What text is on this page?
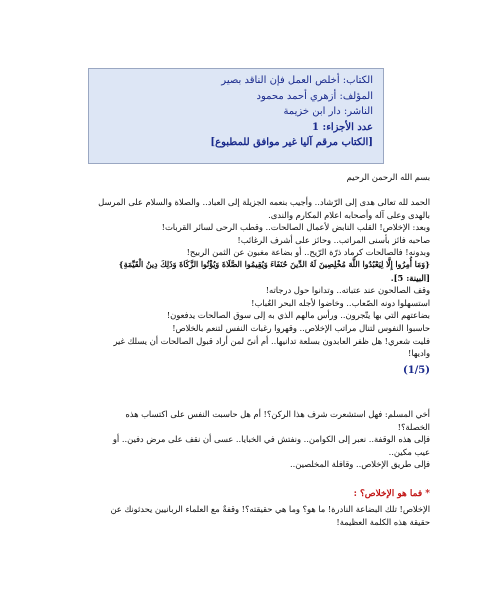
الكتاب: أخلص العمل فإن الناقد بصير
المؤلف: أزهري أحمد محمود
الناشر: دار ابن خزيمة
عدد الأجزاء: 1
[الكتاب مرقم آليا غير موافق للمطبوع]

بسم الله الرحمن الرحيم

الحمد لله تعالى هدى إلى الرّشاد.. وأجيب بنعمه الجزيلة إلى العباد.. والصلاة والسلام على المرسل

بالهدى وعلى آله وأصحابه اعلام المكارم والندى.

وبعد: الإخلاص! القلب النابض لأعمال الصالحات.. وقطب الرحى لسائر القربات!

صاحبه فائز بأسنى المراتب.. وحائز على أشرف الرغائب!

وبدونه! فالصالحات كرماد ذرّة الرّيح.. أو بضاعة مغبون عن الثمن الربيح!

{وَمَا أُمِرُوا إِلَّا لِيَعْبُدُوا اللَّهَ مُخْلِصِينَ لَهُ الدِّينَ حُنَفَاءَ وَيُقِيمُوا الصَّلَاةَ وَيُؤْتُوا الزَّكَاةَ وَذَلِكَ دِينُ الْقَيِّمَةِ}

[البينة: 5].

وقف الصالحون عند عتباته.. وتدانوا حول درجاته!

استسهلوا دونه الصّعاب.. وخاضوا لأجله البحر العُباب!

بضاعتهم التي بها يتّجرون.. ورأس مالهم الذي به إلى سوق الصالحات يدفعون!

حاسبوا النفوس لتنال مراتب الإخلاص.. وقهروا رغبات النفس لتنعم بالخلاص!

فليت شعري! هل ظفر العابدون بسلعة تدانيها.. أم أنىّ لمن أراد قبول الصالحات أن يسلك غير

واديها!

(1/5)

أخي المسلم: فهل استشعرت شرف هذا الركن؟! أم هل حاسبت النفس على اكتساب هذه

الخصلة؟!

فإلى هذه الوقفة.. نعبر إلى الكوامن.. ونفتش في الخبايا.. عسى أن نقف على مرض دفين.. أو

عيب مكين..

فإلى طريق الإخلاص.. وقافلة المخلصين..

* فما هو الإخلاص؟ :

الإخلاص! تلك البضاعة النادرة! ما هو؟ وما هي حقيقته؟! وقفةٌ مع العلماء الربانيين يحدثونك عن

حقيقة هذه الكلمة العظيمة!
